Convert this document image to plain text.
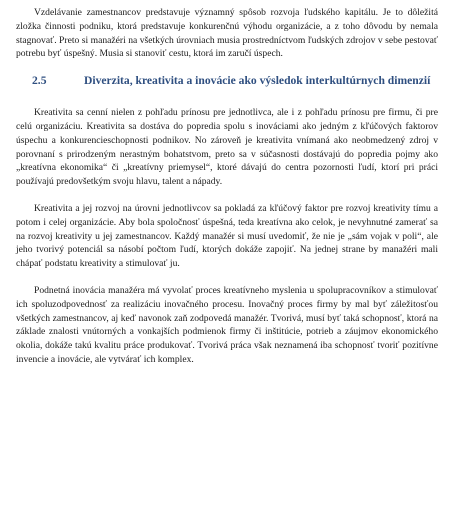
Vzdelávanie zamestnancov predstavuje významný spôsob rozvoja ľudského kapitálu. Je to dôležitá zložka činnosti podniku, ktorá predstavuje konkurenčnú výhodu organizácie, a z toho dôvodu by nemala stagnovať. Preto si manažéri na všetkých úrovniach musia prostredníctvom ľudských zdrojov v sebe pestovať potrebu byť úspešný. Musia si stanoviť cestu, ktorá im zaručí úspech.

2.5	Diverzita, kreativita a inovácie ako výsledok interkultúrnych dimenzií

Kreativita sa cenní nielen z pohľadu prínosu pre jednotlivca, ale i z pohľadu prínosu pre firmu, či pre celú organizáciu. Kreativita sa dostáva do popredia spolu s inováciami ako jedným z kľúčových faktorov úspechu a konkurencieschopnosti podnikov. No zároveň je kreativita vnímaná ako neobmedzený zdroj v porovnaní s prirodzeným nerastným bohatstvom, preto sa v súčasnosti dostávajú do popredia pojmy ako „kreatívna ekonomika“ či „kreatívny priemysel“, ktoré dávajú do centra pozornosti ľudí, ktorí pri práci používajú predovšetkým svoju hlavu, talent a nápady.

Kreativita a jej rozvoj na úrovni jednotlivcov sa pokladá za kľúčový faktor pre rozvoj kreativity tímu a potom i celej organizácie. Aby bola spoločnosť úspešná, teda kreatívna ako celok, je nevyhnutné zamerať sa na rozvoj kreativity u jej zamestnancov. Každý manažér si musí uvedomiť, že nie je „sám vojak v poli“, ale jeho tvorivý potenciál sa násobí počtom ľudí, ktorých dokáže zapojiť. Na jednej strane by manažéri mali chápať podstatu kreativity a stimulovať ju.

Podnetná inovácia manažéra má vyvolať proces kreatívneho myslenia u spolupracovníkov a stimulovať ich spoluzodpovednosť za realizáciu inovačného procesu. Inovačný proces firmy by mal byť záležitosťou všetkých zamestnancov, aj keď navonok zaň zodpovedá manažér. Tvorivá, musí byť taká schopnosť, ktorá na základe znalosti vnútorných a vonkajších podmienok firmy či inštitúcie, potrieb a záujmov ekonomického okolia, dokáže takú kvalitu práce produkovať. Tvorivá práca však neznamená iba schopnosť tvoriť pozitívne invencie a inovácie, ale vytvárať ich komplex.
